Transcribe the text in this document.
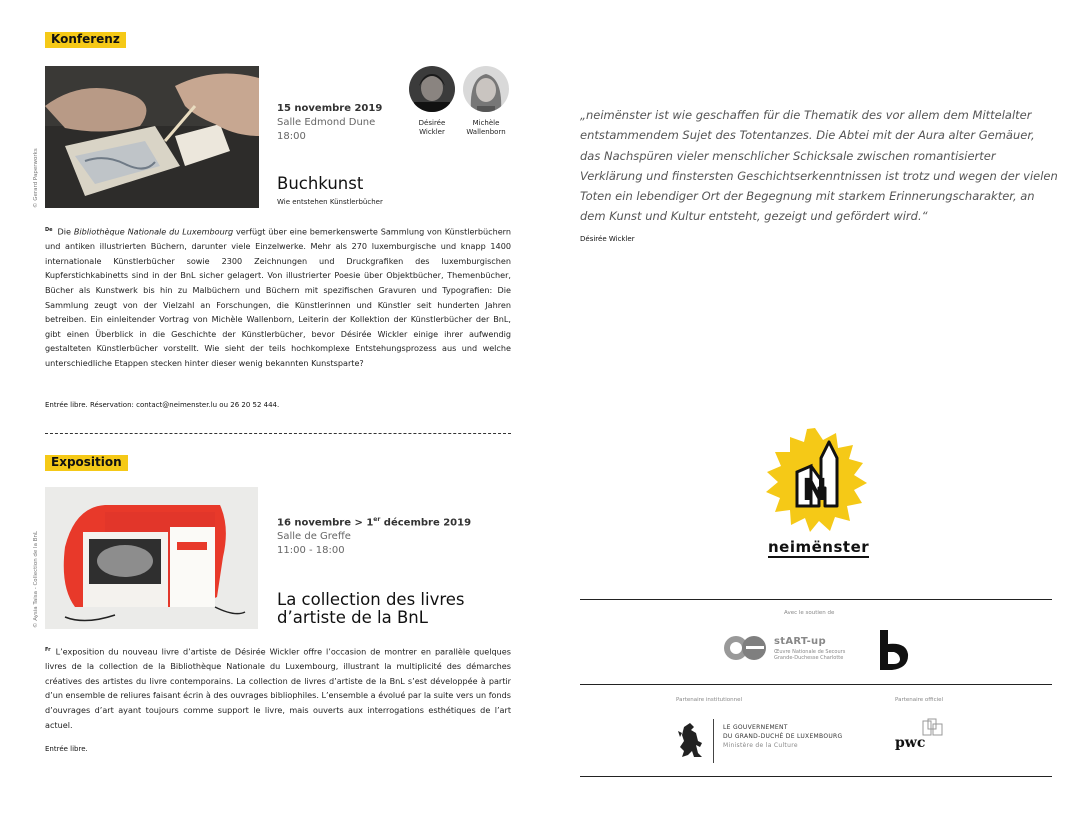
Konferenz
© Gerard Paperworks
15 novembre 2019
Salle Edmond Dune
18:00
Désirée
Wickler
Michèle
Wallenborn
Buchkunst
Wie entstehen Künstlerbücher
$^{De}$ Die Bibliothèque Nationale du Luxembourg verfügt über eine bemerkenswerte Sammlung von Künstlerbüchern und antiken illustrierten Büchern, darunter viele Einzelwerke. Mehr als 270 luxemburgische und knapp 1400 internationale Künstlerbücher sowie 2300 Zeichnungen und Druckgrafiken des luxemburgischen Kupferstichkabinetts sind in der BnL sicher gelagert. Von illustrierter Poesie über Objektbücher, Themenbücher, Bücher als Kunstwerk bis hin zu Malbüchern und Büchern mit spezifischen Gravuren und Typografien: Die Sammlung zeugt von der Vielzahl an Forschungen, die Künstlerinnen und Künstler seit hunderten Jahren betreiben. Ein einleitender Vortrag von Michèle Wallenborn, Leiterin der Kollektion der Künstlerbücher der BnL, gibt einen Überblick in die Geschichte der Künstlerbücher, bevor Désirée Wickler einige ihrer aufwendig gestalteten Künstlerbücher vorstellt. Wie sieht der teils hochkomplexe Entstehungsprozess aus und welche unterschiedliche Etappen stecken hinter dieser wenig bekannten Kunstsparte?
Entrée libre. Réservation: contact@neimenster.lu ou 26 20 52 444.
Exposition
© Aysia Taisa - Collection de la BnL
16 novembre > 1er décembre 2019
Salle de Greffe
11:00 - 18:00
La collection des livres
d’artiste de la BnL
$^{Fr}$ L’exposition du nouveau livre d’artiste de Désirée Wickler offre l’occasion de montrer en parallèle quelques livres de la collection de la Bibliothèque Nationale du Luxembourg, illustrant la multiplicité des démarches créatives des artistes du livre contemporains. La collection de livres d’artiste de la BnL s’est développée à partir d’un ensemble de reliures faisant écrin à des ouvrages bibliophiles. L’ensemble a évolué par la suite vers un fonds d’ouvrages d’art ayant toujours comme support le livre, mais ouverts aux interrogations esthétiques de l’art actuel.
Entrée libre.
„neimënster ist wie geschaffen für die Thematik des vor allem dem Mittelalter entstammendem Sujet des Totentanzes. Die Abtei mit der Aura alter Gemäuer, das Nachspüren vieler menschlicher Schicksale zwischen romantisierter Verklärung und finstersten Geschichtserkenntnissen ist trotz und wegen der vielen Toten ein lebendiger Ort der Begegnung mit starkem Erinnerungscharakter, an dem Kunst und Kultur entsteht, gezeigt und gefördert wird.“
Désirée Wickler
N
neimënster
Avec le soutien de
stART-up
Œuvre Nationale de Secours
Grande-Duchesse Charlotte
Partenaire institutionnel	Partenaire officiel
LE GOUVERNEMENT
DU GRAND-DUCHÉ DE LUXEMBOURG
Ministère de la Culture	pwc
